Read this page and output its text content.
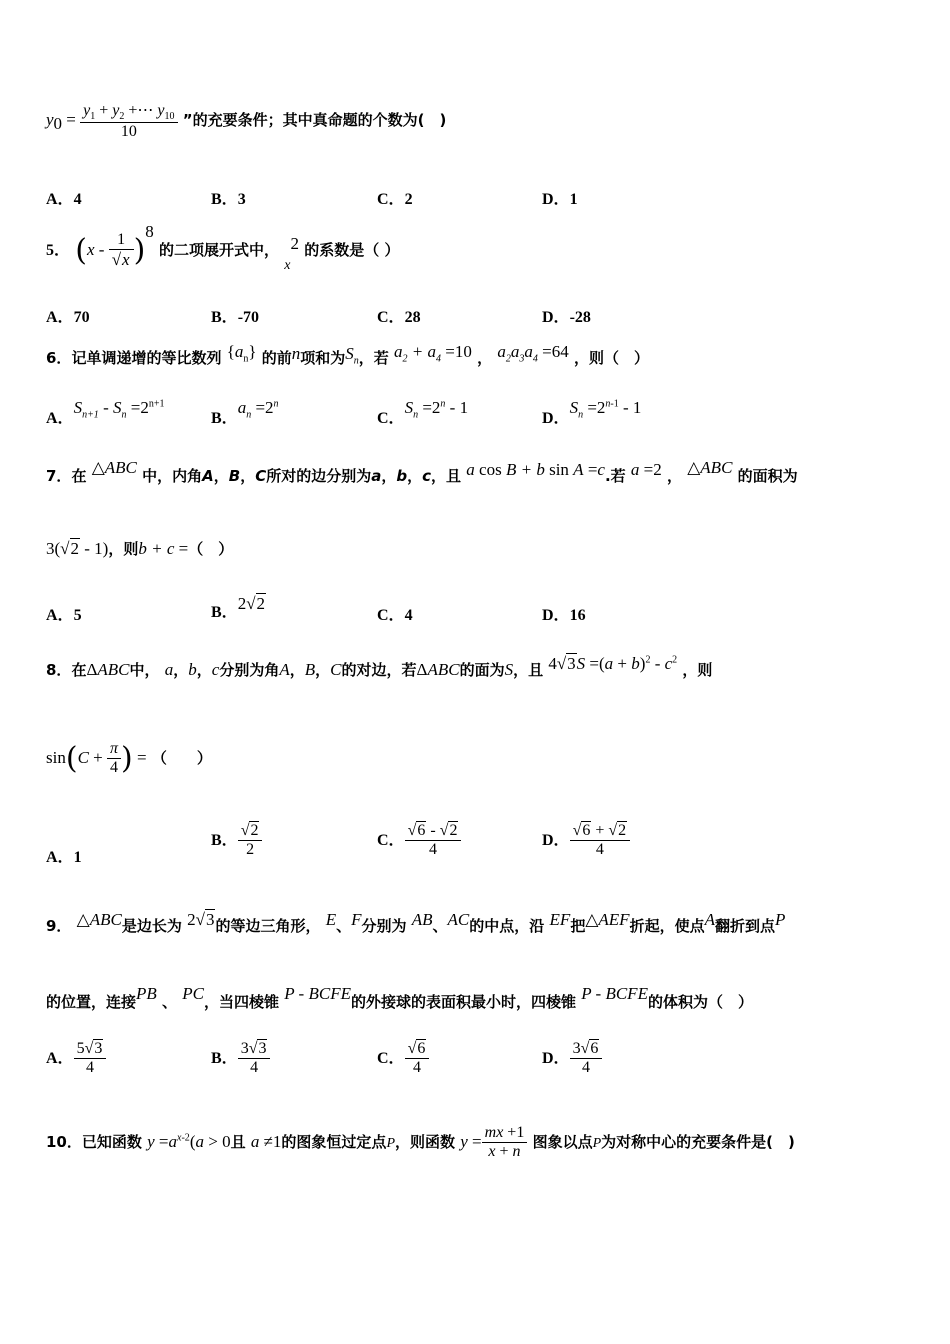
$y_0 = \frac{y_1 + y_2 +\cdots y_{10}}{10}$ ”的充要条件；其中真命题的个数为(　)
A．4	B．3	C．2	D．1
5． $(x - \frac{1}{√x} )^8$ 的二项展开式中， $x^2$ 的系数是（ ）
A．70	B．-70	C．28	D．-28
6．记单调递增的等比数列 $\{a_n\}$ 的前n项和为$S_n$，若 $a_2 + a_4 =10$ ， $a_2a_3a_4 =64$ ，则（　）
A．$S_{n+1} - S_n =2^{n+1}$
B．$a_n =2^n$
C．$S_n =2^n - 1$
D．$S_n =2^{n-1} - 1$
7．在 △ABC 中，内角A，B，C所对的边分别为a，b，c，且 a cos B + b sin A =c.若 a =2 ， △ABC 的面积为
3(√2 - 1)，则b + c =（　）
A．5	B．2√2
C．4	D．16
8．在ΔABC中， a，b，c分别为角A，B，C的对边，若ΔABC的面为S，且 $4√3S =(a + b)^2 - c^2$ ，则
$\sin(C + \frac{\pi}{4}$ ) = （　　）
A．1
B． $\frac{√2}{2}$	C． $\frac{√6 - √2}{4}$	D． $\frac{√6 + √2}{4}$
9． △ABC是边长为 2√3的等边三角形， E、F分别为 AB、AC的中点，沿 EF把△AEF折起，使点A翻折到点P
的位置，连接PB 、 PC，当四棱锥 P - BCFE的外接球的表面积最小时，四棱锥 P - BCFE的体积为（　）
A． $\frac{5√3}{4}$	B． $\frac{3√3}{4}$	C． $\frac{√6}{4}$	D． $\frac{3√6}{4}$
10．已知函数 $y =a^{x-2}(a > 0$且 a ≠1的图象恒过定点P，则函数 $y = \frac{mx +1}{x + n}$ 图象以点P为对称中心的充要条件是(　)
